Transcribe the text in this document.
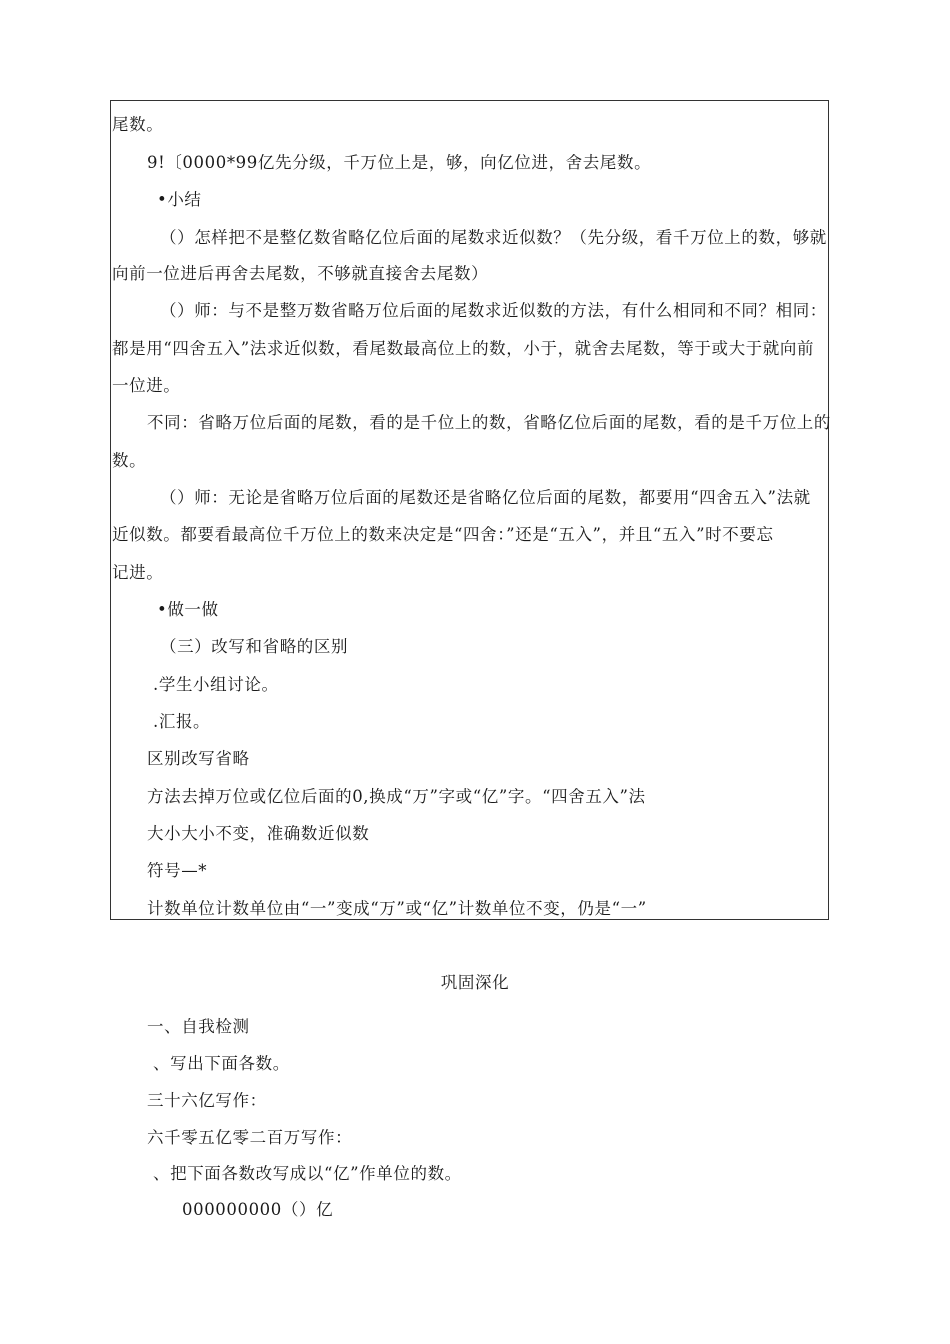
尾数。
9!〔0000*99亿先分级，千万位上是，够，向亿位进，舍去尾数。
•小结
（）怎样把不是整亿数省略亿位后面的尾数求近似数？（先分级，看千万位上的数，够就
向前一位进后再舍去尾数，不够就直接舍去尾数）
（）师：与不是整万数省略万位后面的尾数求近似数的方法，有什么相同和不同？相同：
都是用“四舍五入”法求近似数，看尾数最高位上的数，小于，就舍去尾数，等于或大于就向前
一位进。
不同：省略万位后面的尾数，看的是千位上的数，省略亿位后面的尾数，看的是千万位上的
数。
（）师：无论是省略万位后面的尾数还是省略亿位后面的尾数，都要用“四舍五入”法就
近似数。都要看最高位千万位上的数来决定是“四舍：”还是“五入”，并且“五入”时不要忘
记进。
•做一做
（三）改写和省略的区别
.学生小组讨论。
.汇报。
区别改写省略
方法去掉万位或亿位后面的0,换成“万”字或“亿”字。“四舍五入”法
大小大小不变，准确数近似数
符号—*
计数单位计数单位由“一”变成“万”或“亿”计数单位不变，仍是“一”
巩固深化
一、自我检测
、写出下面各数。
三十六亿写作：
六千零五亿零二百万写作：
、把下面各数改写成以“亿”作单位的数。
000000000（）亿
